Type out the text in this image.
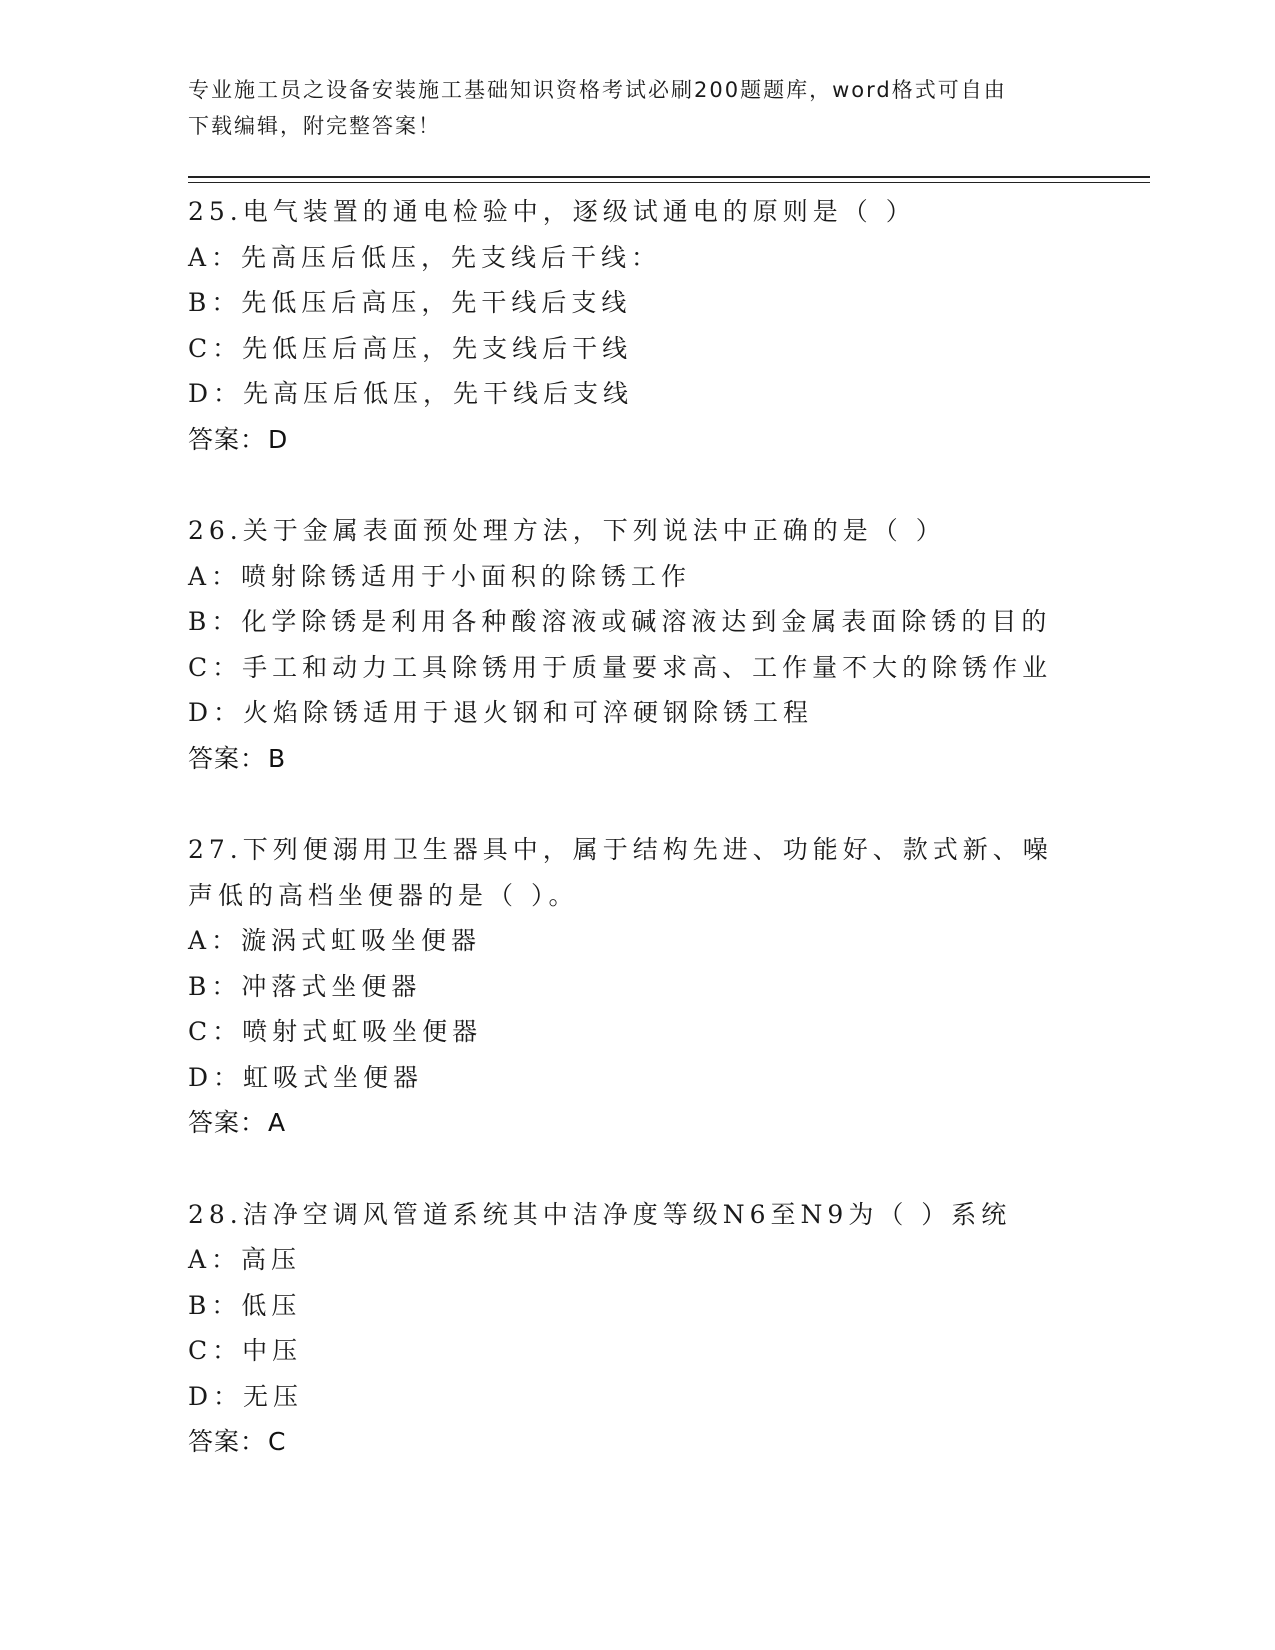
专业施工员之设备安装施工基础知识资格考试必刷200题题库，word格式可自由
下载编辑，附完整答案！
25.电气装置的通电检验中，逐级试通电的原则是（ ）
A：先高压后低压，先支线后干线：
B：先低压后高压，先干线后支线
C：先低压后高压，先支线后干线
D：先高压后低压，先干线后支线
答案：D
26.关于金属表面预处理方法，下列说法中正确的是（ ）
A：喷射除锈适用于小面积的除锈工作
B：化学除锈是利用各种酸溶液或碱溶液达到金属表面除锈的目的
C：手工和动力工具除锈用于质量要求高、工作量不大的除锈作业
D：火焰除锈适用于退火钢和可淬硬钢除锈工程
答案：B
27.下列便溺用卫生器具中，属于结构先进、功能好、款式新、噪声低的高档坐便器的是（ ）。
A：漩涡式虹吸坐便器
B：冲落式坐便器
C：喷射式虹吸坐便器
D：虹吸式坐便器
答案：A
28.洁净空调风管道系统其中洁净度等级N6至N9为（ ）系统
A：高压
B：低压
C：中压
D：无压
答案：C
